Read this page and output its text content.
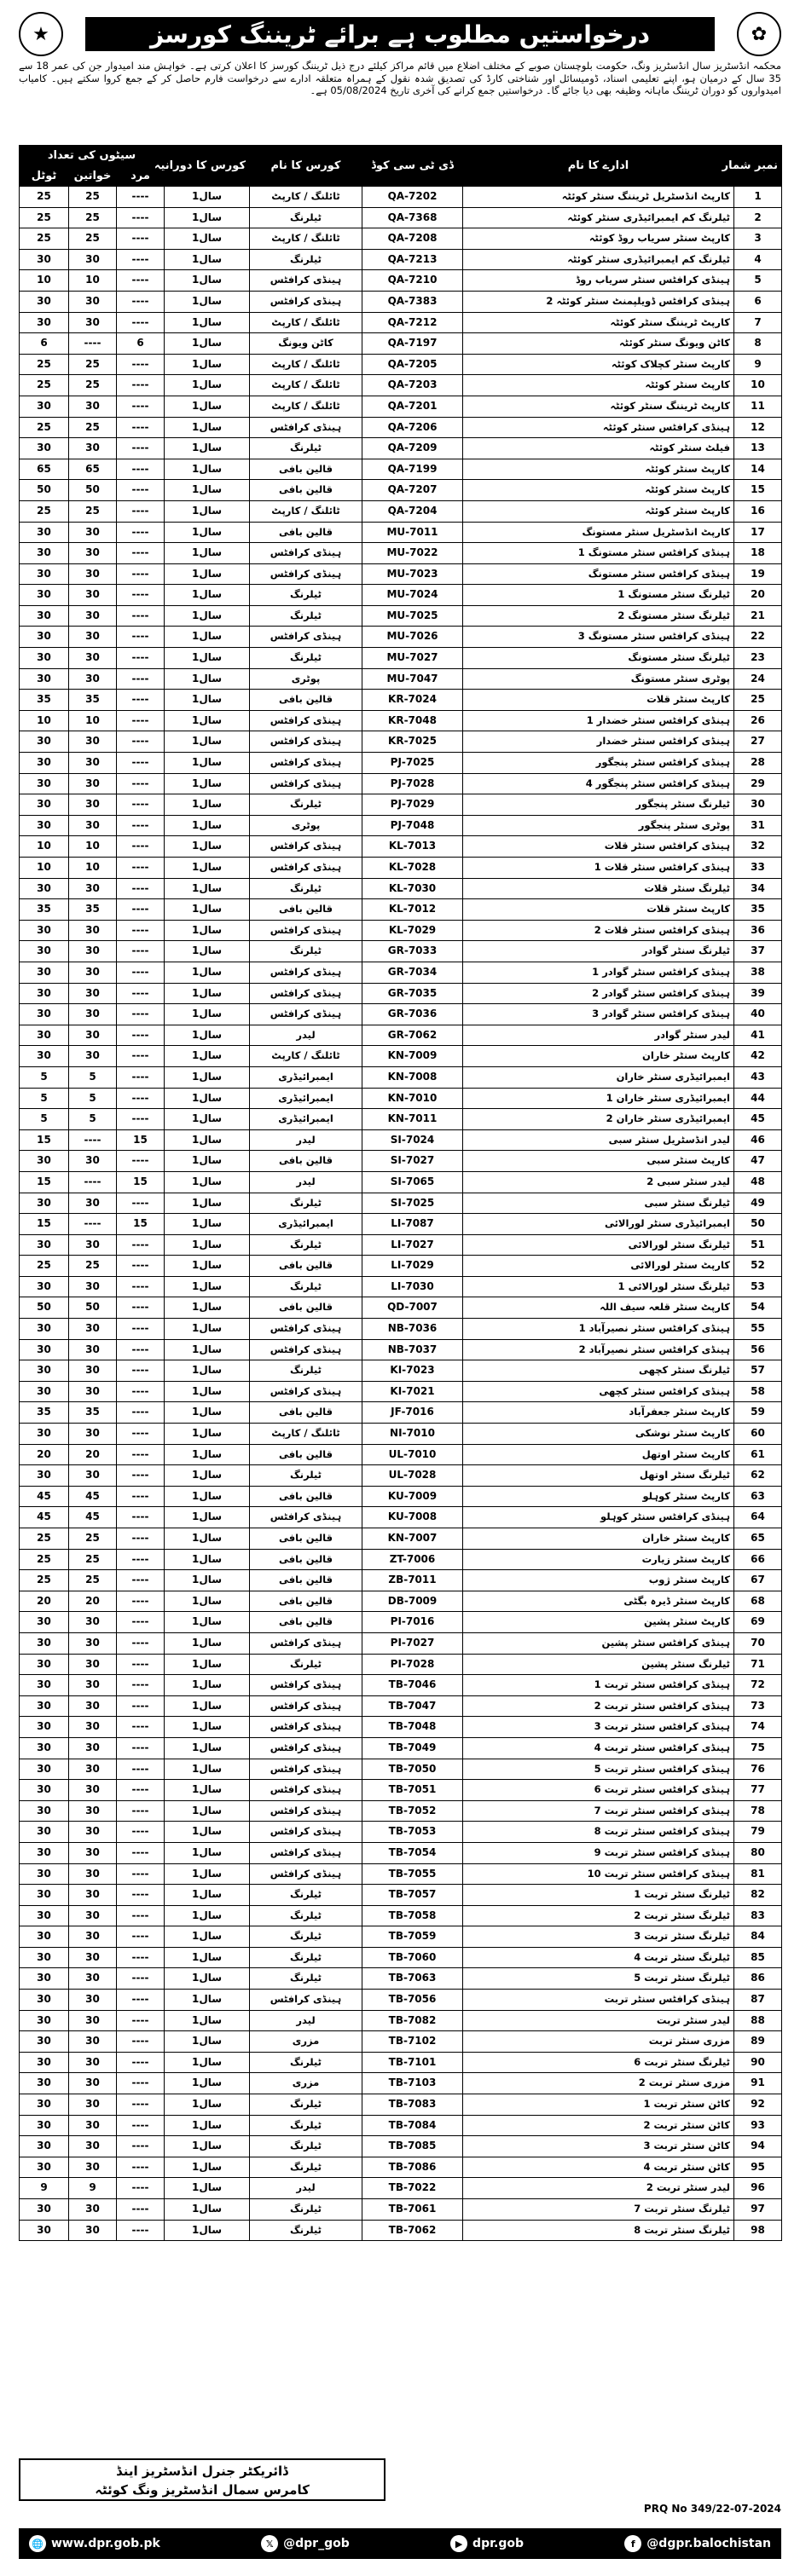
★	درخواستیں مطلوب ہے برائے ٹریننگ کورسز	✿
محکمہ انڈسٹریز سال انڈسٹریز ونگ، حکومت بلوچستان صوبے کے مختلف اضلاع میں قائم مراکز کیلئے درج ذیل ٹریننگ کورسز کا اعلان کرتی ہے۔ خواہش مند امیدوار جن کی عمر 18 سے 35 سال کے درمیان ہو، اپنے تعلیمی اسناد، ڈومیسائل اور شناختی کارڈ کی تصدیق شدہ نقول کے ہمراہ متعلقہ ادارے سے درخواست فارم حاصل کر کے جمع کروا سکتے ہیں۔ کامیاب امیدواروں کو دوران ٹریننگ ماہانہ وظیفہ بھی دیا جائے گا۔ درخواستیں جمع کرانے کی آخری تاریخ 05/08/2024 ہے۔
نمبر شمار	ادارے کا نام	ڈی ٹی سی کوڈ	کورس کا نام	کورس کا دورانیہ	سیٹوں کی تعداد		
					مرد	خواتین	ٹوٹل
1	کارپٹ انڈسٹریل ٹریننگ سنٹر کوئٹہ	QA-7202	ٹائلنگ / کارپٹ	1سال	----	25	25
2	ٹیلرنگ کم ایمبرائیڈری سنٹر کوئٹہ	QA-7368	ٹیلرنگ	1سال	----	25	25
3	کارپٹ سنٹر سریاب روڈ کوئٹہ	QA-7208	ٹائلنگ / کارپٹ	1سال	----	25	25
4	ٹیلرنگ کم ایمبرائیڈری سنٹر کوئٹہ	QA-7213	ٹیلرنگ	1سال	----	30	30
5	ہینڈی کرافٹس سنٹر سریاب روڈ	QA-7210	ہینڈی کرافٹس	1سال	----	10	10
6	ہینڈی کرافٹس ڈویلپمنٹ سنٹر کوئٹہ 2	QA-7383	ہینڈی کرافٹس	1سال	----	30	30
7	کارپٹ ٹریننگ سنٹر کوئٹہ	QA-7212	ٹائلنگ / کارپٹ	1سال	----	30	30
8	کاٹن ویونگ سنٹر کوئٹہ	QA-7197	کاٹن ویونگ	1سال	6	----	6
9	کارپٹ سنٹر کچلاک کوئٹہ	QA-7205	ٹائلنگ / کارپٹ	1سال	----	25	25
10	کارپٹ سنٹر کوئٹہ	QA-7203	ٹائلنگ / کارپٹ	1سال	----	25	25
11	کارپٹ ٹریننگ سنٹر کوئٹہ	QA-7201	ٹائلنگ / کارپٹ	1سال	----	30	30
12	ہینڈی کرافٹس سنٹر کوئٹہ	QA-7206	ہینڈی کرافٹس	1سال	----	25	25
13	فیلٹ سنٹر کوئٹہ	QA-7209	ٹیلرنگ	1سال	----	30	30
14	کارپٹ سنٹر کوئٹہ	QA-7199	قالین بافی	1سال	----	65	65
15	کارپٹ سنٹر کوئٹہ	QA-7207	قالین بافی	1سال	----	50	50
16	کارپٹ سنٹر کوئٹہ	QA-7204	ٹائلنگ / کارپٹ	1سال	----	25	25
17	کارپٹ انڈسٹریل سنٹر مستونگ	MU-7011	قالین بافی	1سال	----	30	30
18	ہینڈی کرافٹس سنٹر مستونگ 1	MU-7022	ہینڈی کرافٹس	1سال	----	30	30
19	ہینڈی کرافٹس سنٹر مستونگ	MU-7023	ہینڈی کرافٹس	1سال	----	30	30
20	ٹیلرنگ سنٹر مستونگ 1	MU-7024	ٹیلرنگ	1سال	----	30	30
21	ٹیلرنگ سنٹر مستونگ 2	MU-7025	ٹیلرنگ	1سال	----	30	30
22	ہینڈی کرافٹس سنٹر مستونگ 3	MU-7026	ہینڈی کرافٹس	1سال	----	30	30
23	ٹیلرنگ سنٹر مستونگ	MU-7027	ٹیلرنگ	1سال	----	30	30
24	پوٹری سنٹر مستونگ	MU-7047	پوٹری	1سال	----	30	30
25	کارپٹ سنٹر قلات	KR-7024	قالین بافی	1سال	----	35	35
26	ہینڈی کرافٹس سنٹر خضدار 1	KR-7048	ہینڈی کرافٹس	1سال	----	10	10
27	ہینڈی کرافٹس سنٹر خضدار	KR-7025	ہینڈی کرافٹس	1سال	----	30	30
28	ہینڈی کرافٹس سنٹر پنجگور	PJ-7025	ہینڈی کرافٹس	1سال	----	30	30
29	ہینڈی کرافٹس سنٹر پنجگور 4	PJ-7028	ہینڈی کرافٹس	1سال	----	30	30
30	ٹیلرنگ سنٹر پنجگور	PJ-7029	ٹیلرنگ	1سال	----	30	30
31	پوٹری سنٹر پنجگور	PJ-7048	پوٹری	1سال	----	30	30
32	ہینڈی کرافٹس سنٹر قلات	KL-7013	ہینڈی کرافٹس	1سال	----	10	10
33	ہینڈی کرافٹس سنٹر قلات 1	KL-7028	ہینڈی کرافٹس	1سال	----	10	10
34	ٹیلرنگ سنٹر قلات	KL-7030	ٹیلرنگ	1سال	----	30	30
35	کارپٹ سنٹر قلات	KL-7012	قالین بافی	1سال	----	35	35
36	ہینڈی کرافٹس سنٹر قلات 2	KL-7029	ہینڈی کرافٹس	1سال	----	30	30
37	ٹیلرنگ سنٹر گوادر	GR-7033	ٹیلرنگ	1سال	----	30	30
38	ہینڈی کرافٹس سنٹر گوادر 1	GR-7034	ہینڈی کرافٹس	1سال	----	30	30
39	ہینڈی کرافٹس سنٹر گوادر 2	GR-7035	ہینڈی کرافٹس	1سال	----	30	30
40	ہینڈی کرافٹس سنٹر گوادر 3	GR-7036	ہینڈی کرافٹس	1سال	----	30	30
41	لیدر سنٹر گوادر	GR-7062	لیدر	1سال	----	30	30
42	کارپٹ سنٹر خاران	KN-7009	ٹائلنگ / کارپٹ	1سال	----	30	30
43	ایمبرائیڈری سنٹر خاران	KN-7008	ایمبرائیڈری	1سال	----	5	5
44	ایمبرائیڈری سنٹر خاران 1	KN-7010	ایمبرائیڈری	1سال	----	5	5
45	ایمبرائیڈری سنٹر خاران 2	KN-7011	ایمبرائیڈری	1سال	----	5	5
46	لیدر انڈسٹریل سنٹر سبی	SI-7024	لیدر	1سال	15	----	15
47	کارپٹ سنٹر سبی	SI-7027	قالین بافی	1سال	----	30	30
48	لیدر سنٹر سبی 2	SI-7065	لیدر	1سال	15	----	15
49	ٹیلرنگ سنٹر سبی	SI-7025	ٹیلرنگ	1سال	----	30	30
50	ایمبرائیڈری سنٹر لورالائی	LI-7087	ایمبرائیڈری	1سال	15	----	15
51	ٹیلرنگ سنٹر لورالائی	LI-7027	ٹیلرنگ	1سال	----	30	30
52	کارپٹ سنٹر لورالائی	LI-7029	قالین بافی	1سال	----	25	25
53	ٹیلرنگ سنٹر لورالائی 1	LI-7030	ٹیلرنگ	1سال	----	30	30
54	کارپٹ سنٹر قلعہ سیف اللہ	QD-7007	قالین بافی	1سال	----	50	50
55	ہینڈی کرافٹس سنٹر نصیرآباد 1	NB-7036	ہینڈی کرافٹس	1سال	----	30	30
56	ہینڈی کرافٹس سنٹر نصیرآباد 2	NB-7037	ہینڈی کرافٹس	1سال	----	30	30
57	ٹیلرنگ سنٹر کچھی	KI-7023	ٹیلرنگ	1سال	----	30	30
58	ہینڈی کرافٹس سنٹر کچھی	KI-7021	ہینڈی کرافٹس	1سال	----	30	30
59	کارپٹ سنٹر جعفرآباد	JF-7016	قالین بافی	1سال	----	35	35
60	کارپٹ سنٹر نوشکی	NI-7010	ٹائلنگ / کارپٹ	1سال	----	30	30
61	کارپٹ سنٹر اوتھل	UL-7010	قالین بافی	1سال	----	20	20
62	ٹیلرنگ سنٹر اوتھل	UL-7028	ٹیلرنگ	1سال	----	30	30
63	کارپٹ سنٹر کوہلو	KU-7009	قالین بافی	1سال	----	45	45
64	ہینڈی کرافٹس سنٹر کوہلو	KU-7008	ہینڈی کرافٹس	1سال	----	45	45
65	کارپٹ سنٹر خاران	KN-7007	قالین بافی	1سال	----	25	25
66	کارپٹ سنٹر زیارت	ZT-7006	قالین بافی	1سال	----	25	25
67	کارپٹ سنٹر ژوب	ZB-7011	قالین بافی	1سال	----	25	25
68	کارپٹ سنٹر ڈیرہ بگٹی	DB-7009	قالین بافی	1سال	----	20	20
69	کارپٹ سنٹر پشین	PI-7016	قالین بافی	1سال	----	30	30
70	ہینڈی کرافٹس سنٹر پشین	PI-7027	ہینڈی کرافٹس	1سال	----	30	30
71	ٹیلرنگ سنٹر پشین	PI-7028	ٹیلرنگ	1سال	----	30	30
72	ہینڈی کرافٹس سنٹر تربت 1	TB-7046	ہینڈی کرافٹس	1سال	----	30	30
73	ہینڈی کرافٹس سنٹر تربت 2	TB-7047	ہینڈی کرافٹس	1سال	----	30	30
74	ہینڈی کرافٹس سنٹر تربت 3	TB-7048	ہینڈی کرافٹس	1سال	----	30	30
75	ہینڈی کرافٹس سنٹر تربت 4	TB-7049	ہینڈی کرافٹس	1سال	----	30	30
76	ہینڈی کرافٹس سنٹر تربت 5	TB-7050	ہینڈی کرافٹس	1سال	----	30	30
77	ہینڈی کرافٹس سنٹر تربت 6	TB-7051	ہینڈی کرافٹس	1سال	----	30	30
78	ہینڈی کرافٹس سنٹر تربت 7	TB-7052	ہینڈی کرافٹس	1سال	----	30	30
79	ہینڈی کرافٹس سنٹر تربت 8	TB-7053	ہینڈی کرافٹس	1سال	----	30	30
80	ہینڈی کرافٹس سنٹر تربت 9	TB-7054	ہینڈی کرافٹس	1سال	----	30	30
81	ہینڈی کرافٹس سنٹر تربت 10	TB-7055	ہینڈی کرافٹس	1سال	----	30	30
82	ٹیلرنگ سنٹر تربت 1	TB-7057	ٹیلرنگ	1سال	----	30	30
83	ٹیلرنگ سنٹر تربت 2	TB-7058	ٹیلرنگ	1سال	----	30	30
84	ٹیلرنگ سنٹر تربت 3	TB-7059	ٹیلرنگ	1سال	----	30	30
85	ٹیلرنگ سنٹر تربت 4	TB-7060	ٹیلرنگ	1سال	----	30	30
86	ٹیلرنگ سنٹر تربت 5	TB-7063	ٹیلرنگ	1سال	----	30	30
87	ہینڈی کرافٹس سنٹر تربت	TB-7056	ہینڈی کرافٹس	1سال	----	30	30
88	لیدر سنٹر تربت	TB-7082	لیدر	1سال	----	30	30
89	مزری سنٹر تربت	TB-7102	مزری	1سال	----	30	30
90	ٹیلرنگ سنٹر تربت 6	TB-7101	ٹیلرنگ	1سال	----	30	30
91	مزری سنٹر تربت 2	TB-7103	مزری	1سال	----	30	30
92	کاٹن سنٹر تربت 1	TB-7083	ٹیلرنگ	1سال	----	30	30
93	کاٹن سنٹر تربت 2	TB-7084	ٹیلرنگ	1سال	----	30	30
94	کاٹن سنٹر تربت 3	TB-7085	ٹیلرنگ	1سال	----	30	30
95	کاٹن سنٹر تربت 4	TB-7086	ٹیلرنگ	1سال	----	30	30
96	لیدر سنٹر تربت 2	TB-7022	لیدر	1سال	----	9	9
97	ٹیلرنگ سنٹر تربت 7	TB-7061	ٹیلرنگ	1سال	----	30	30
98	ٹیلرنگ سنٹر تربت 8	TB-7062	ٹیلرنگ	1سال	----	30	30
ڈائریکٹر جنرل انڈسٹریز اینڈ
کامرس سمال انڈسٹریز ونگ کوئٹہ
PRQ No 349/22-07-2024
🌐 www.dpr.gob.pk	𝕏 @dpr_gob	▶ dpr.gob	f @dgpr.balochistan
